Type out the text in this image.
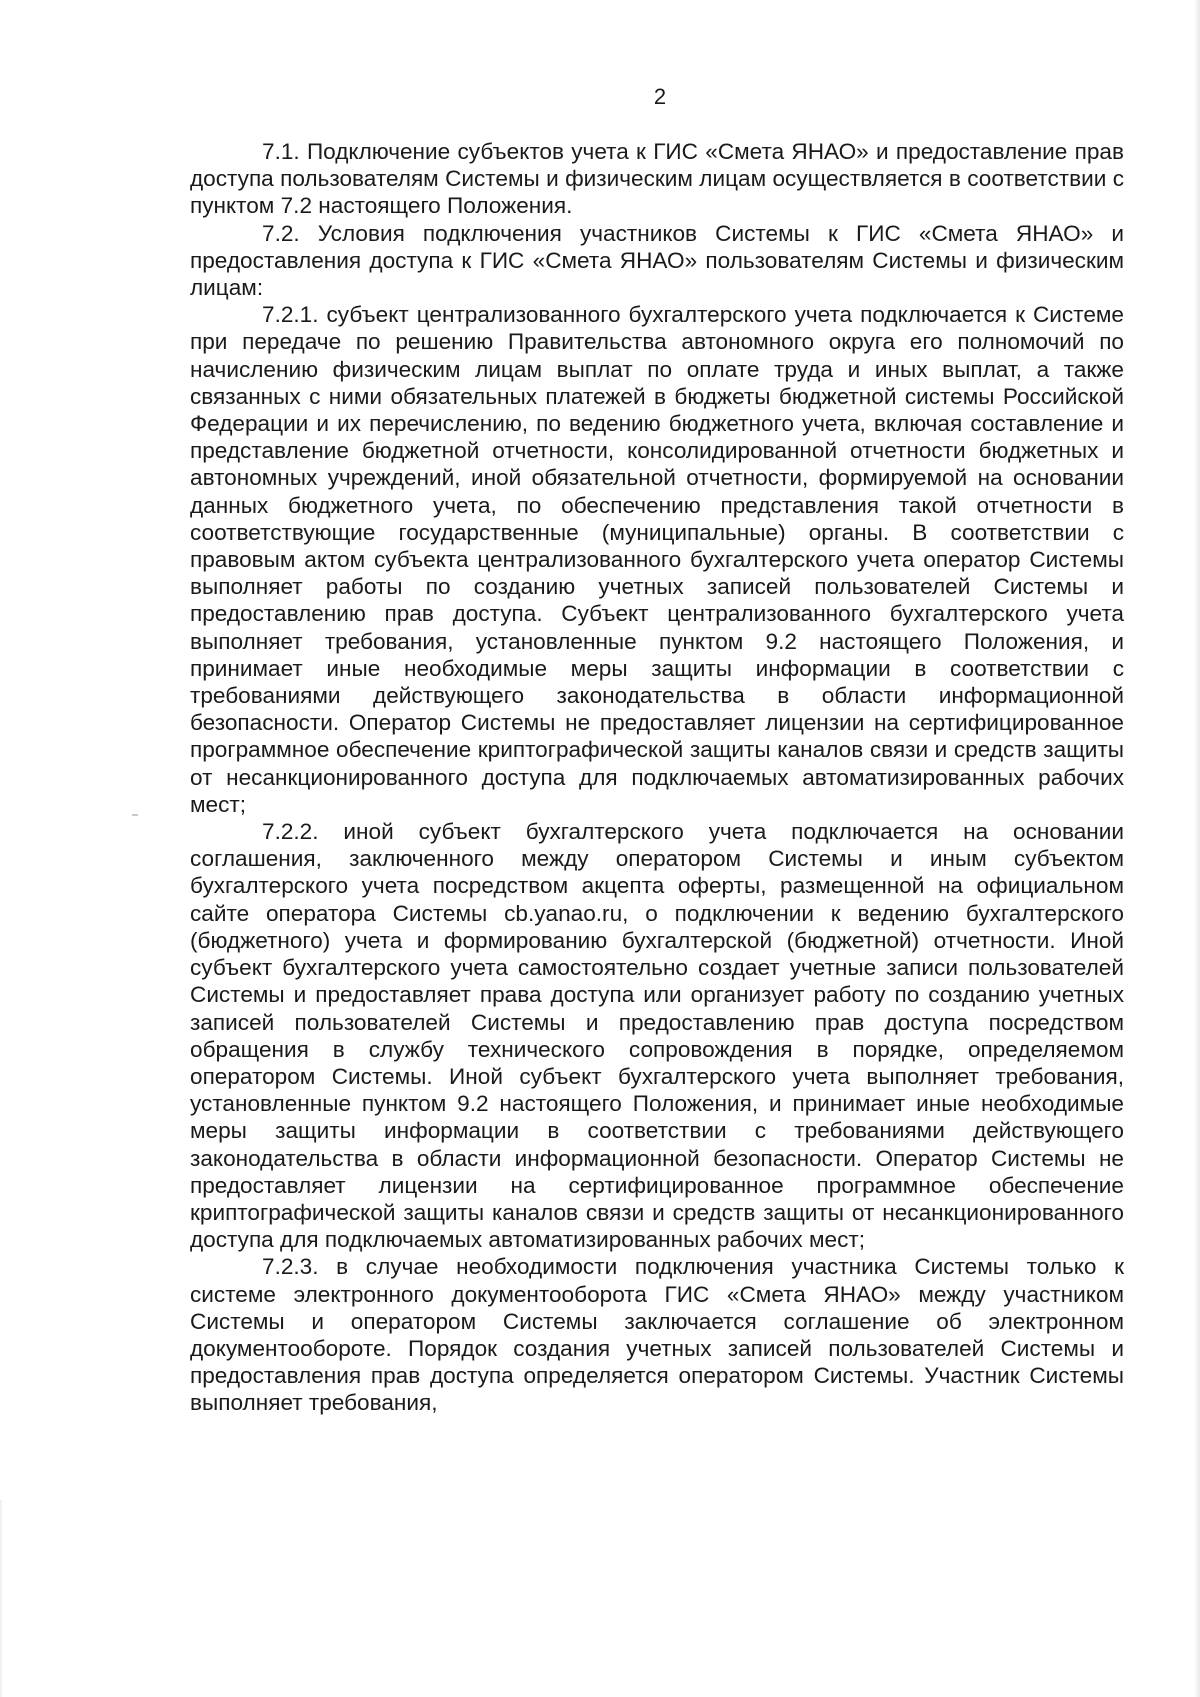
2

7.1. Подключение субъектов учета к ГИС «Смета ЯНАО» и предоставление прав доступа пользователям Системы и физическим лицам осуществляется в соответствии с пунктом 7.2 настоящего Положения.

7.2. Условия подключения участников Системы к ГИС «Смета ЯНАО» и предоставления доступа к ГИС «Смета ЯНАО» пользователям Системы и физическим лицам:

7.2.1. субъект централизованного бухгалтерского учета подключается к Системе при передаче по решению Правительства автономного округа его полномочий по начислению физическим лицам выплат по оплате труда и иных выплат, а также связанных с ними обязательных платежей в бюджеты бюджетной системы Российской Федерации и их перечислению, по ведению бюджетного учета, включая составление и представление бюджетной отчетности, консолидированной отчетности бюджетных и автономных учреждений, иной обязательной отчетности, формируемой на основании данных бюджетного учета, по обеспечению представления такой отчетности в соответствующие государственные (муниципальные) органы. В соответствии с правовым актом субъекта централизованного бухгалтерского учета оператор Системы выполняет работы по созданию учетных записей пользователей Системы и предоставлению прав доступа. Субъект централизованного бухгалтерского учета выполняет требования, установленные пунктом 9.2 настоящего Положения, и принимает иные необходимые меры защиты информации в соответствии с требованиями действующего законодательства в области информационной безопасности. Оператор Системы не предоставляет лицензии на сертифицированное программное обеспечение криптографической защиты каналов связи и средств защиты от несанкционированного доступа для подключаемых автоматизированных рабочих мест;

7.2.2. иной субъект бухгалтерского учета подключается на основании соглашения, заключенного между оператором Системы и иным субъектом бухгалтерского учета посредством акцепта оферты, размещенной на официальном сайте оператора Системы cb.yanao.ru, о подключении к ведению бухгалтерского (бюджетного) учета и формированию бухгалтерской (бюджетной) отчетности. Иной субъект бухгалтерского учета самостоятельно создает учетные записи пользователей Системы и предоставляет права доступа или организует работу по созданию учетных записей пользователей Системы и предоставлению прав доступа посредством обращения в службу технического сопровождения в порядке, определяемом оператором Системы. Иной субъект бухгалтерского учета выполняет требования, установленные пунктом 9.2 настоящего Положения, и принимает иные необходимые меры защиты информации в соответствии с требованиями действующего законодательства в области информационной безопасности. Оператор Системы не предоставляет лицензии на сертифицированное программное обеспечение криптографической защиты каналов связи и средств защиты от несанкционированного доступа для подключаемых автоматизированных рабочих мест;

7.2.3. в случае необходимости подключения участника Системы только к системе электронного документооборота ГИС «Смета ЯНАО» между участником Системы и оператором Системы заключается соглашение об электронном документообороте. Порядок создания учетных записей пользователей Системы и предоставления прав доступа определяется оператором Системы. Участник Системы выполняет требования,
